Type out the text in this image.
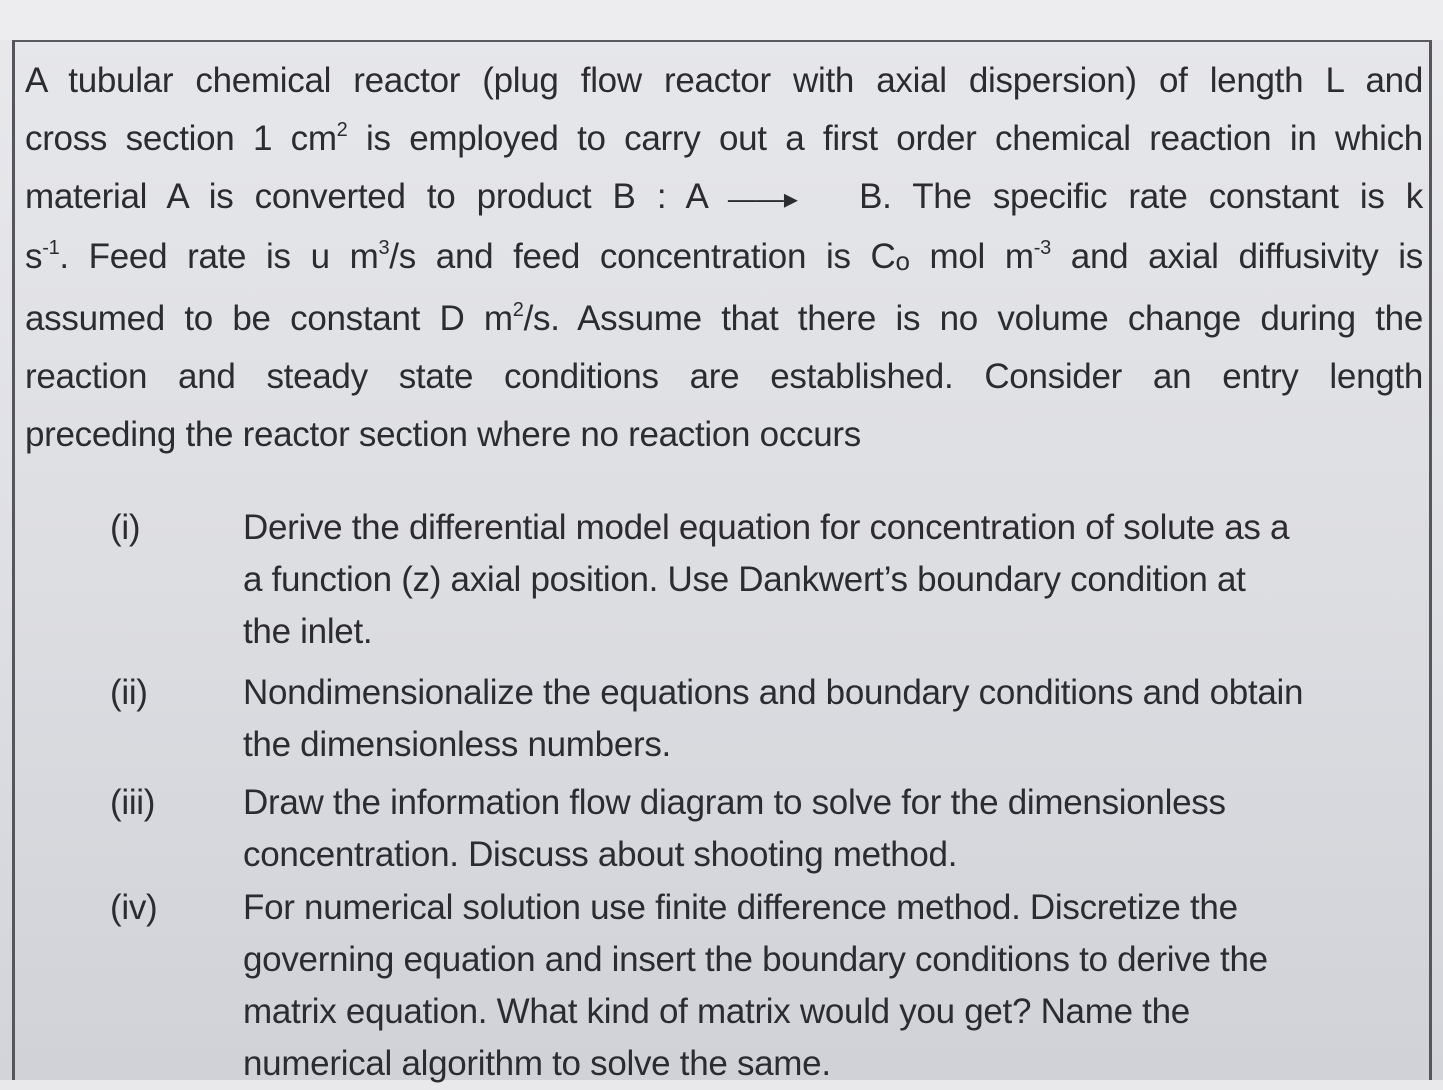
A tubular chemical reactor (plug flow reactor with axial dispersion) of length L and
cross section 1 $cm^2$ is employed to carry out a first order chemical reaction in which
material A is converted to product B : A ——▸ B. The specific rate constant is k
$s^{-1}$. Feed rate is u $m^3/s$ and feed concentration is $C_o$ mol $m^{-3}$ and axial diffusivity is
assumed to be constant D $m^2/s$. Assume that there is no volume change during the
reaction and steady state conditions are established. Consider an entry length
preceding the reactor section where no reaction occurs

(i)	Derive the differential model equation for concentration of solute as a
a function (z) axial position. Use Dankwert’s boundary condition at
the inlet.
(ii)	Nondimensionalize the equations and boundary conditions and obtain
the dimensionless numbers.
(iii)	Draw the information flow diagram to solve for the dimensionless
concentration. Discuss about shooting method.
(iv) For numerical solution use finite difference method. Discretize the
governing equation and insert the boundary conditions to derive the
matrix equation. What kind of matrix would you get? Name the
numerical algorithm to solve the same.
